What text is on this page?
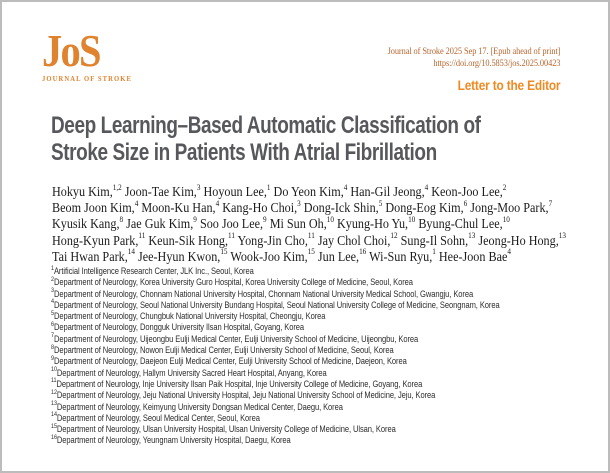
JoS
JOURNAL OF STROKE
Journal of Stroke 2025 Sep 17. [Epub ahead of print]
https://doi.org/10.5853/jos.2025.00423
Letter to the Editor
Deep Learning–Based Automatic Classification of
Stroke Size in Patients With Atrial Fibrillation
Hokyu Kim,$^{1,2}$ Joon-Tae Kim,$^3$ Hoyoun Lee,$^1$ Do Yeon Kim,$^4$ Han-Gil Jeong,$^4$ Keon-Joo Lee,$^2$
Beom Joon Kim,$^4$ Moon-Ku Han,$^4$ Kang-Ho Choi,$^3$ Dong-Ick Shin,$^5$ Dong-Eog Kim,$^6$ Jong-Moo Park,$^7$
Kyusik Kang,$^8$ Jae Guk Kim,$^9$ Soo Joo Lee,$^9$ Mi Sun Oh,$^{10}$ Kyung-Ho Yu,$^{10}$ Byung-Chul Lee,$^{10}$
Hong-Kyun Park,$^{11}$ Keun-Sik Hong,$^{11}$ Yong-Jin Cho,$^{11}$ Jay Chol Choi,$^{12}$ Sung-Il Sohn,$^{13}$ Jeong-Ho Hong,$^{13}$
Tai Hwan Park,$^{14}$ Jee-Hyun Kwon,$^{15}$ Wook-Joo Kim,$^{15}$ Jun Lee,$^{16}$ Wi-Sun Ryu,$^1$ Hee-Joon Bae$^4$
$^1$Artificial Intelligence Research Center, JLK Inc., Seoul, Korea
$^2$Department of Neurology, Korea University Guro Hospital, Korea University College of Medicine, Seoul, Korea
$^3$Department of Neurology, Chonnam National University Hospital, Chonnam National University Medical School, Gwangju, Korea
$^4$Department of Neurology, Seoul National University Bundang Hospital, Seoul National University College of Medicine, Seongnam, Korea
$^5$Department of Neurology, Chungbuk National University Hospital, Cheongju, Korea
$^6$Department of Neurology, Dongguk University Ilsan Hospital, Goyang, Korea
$^7$Department of Neurology, Uijeongbu Eulji Medical Center, Eulji University School of Medicine, Uijeongbu, Korea
$^8$Department of Neurology, Nowon Eulji Medical Center, Eulji University School of Medicine, Seoul, Korea
$^9$Department of Neurology, Daejeon Eulji Medical Center, Eulji University School of Medicine, Daejeon, Korea
$^{10}$Department of Neurology, Hallym University Sacred Heart Hospital, Anyang, Korea
$^{11}$Department of Neurology, Inje University Ilsan Paik Hospital, Inje University College of Medicine, Goyang, Korea
$^{12}$Department of Neurology, Jeju National University Hospital, Jeju National University School of Medicine, Jeju, Korea
$^{13}$Department of Neurology, Keimyung University Dongsan Medical Center, Daegu, Korea
$^{14}$Department of Neurology, Seoul Medical Center, Seoul, Korea
$^{15}$Department of Neurology, Ulsan University Hospital, Ulsan University College of Medicine, Ulsan, Korea
$^{16}$Department of Neurology, Yeungnam University Hospital, Daegu, Korea
